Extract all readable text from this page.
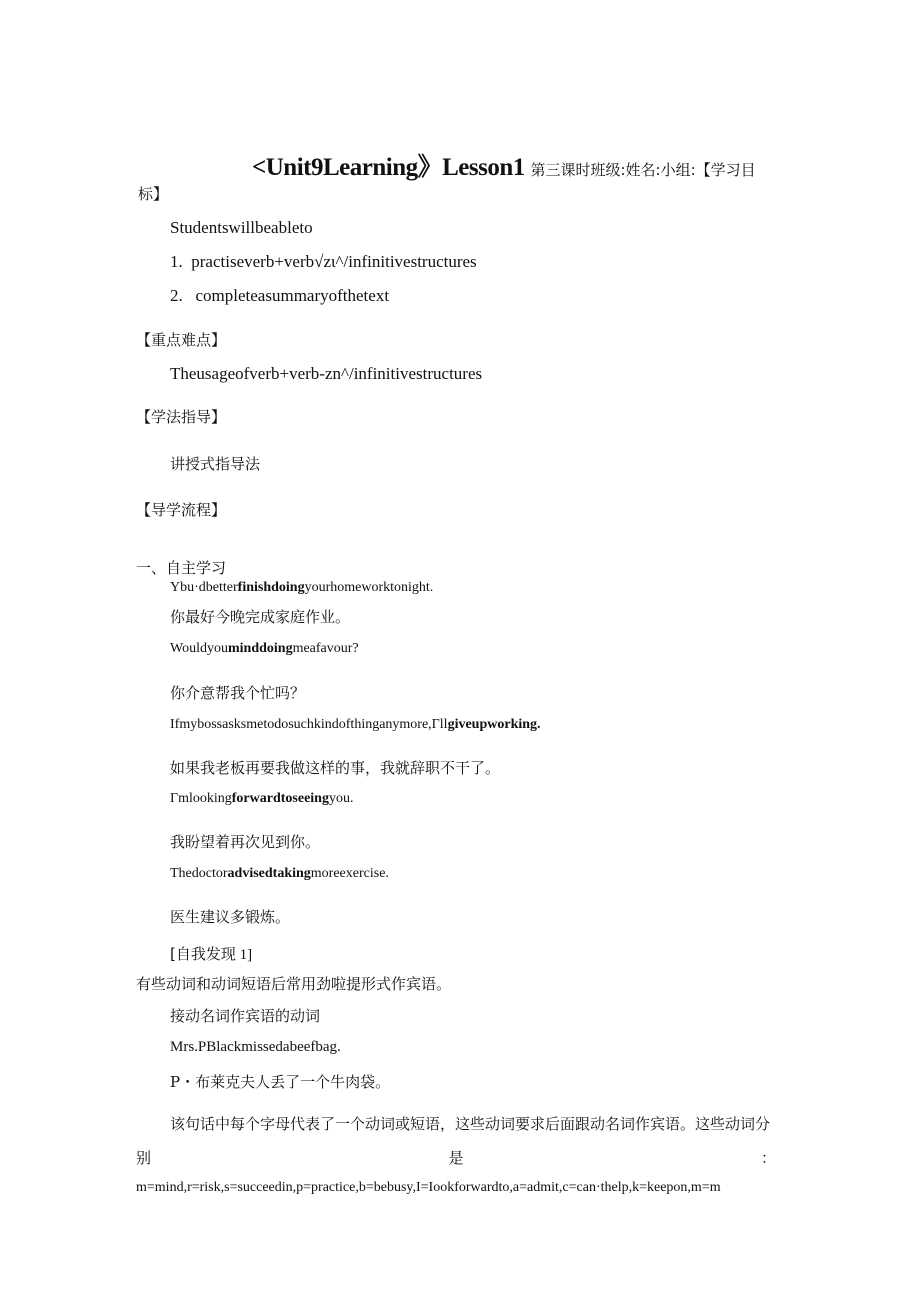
<Unit9Learning》Lesson1 第三课时班级:姓名:小组:【学习目
标】
Studentswillbeableto
1. practiseverb+verb√zι^/infinitivestructures
2. completeasummaryofthetext
【重点难点】
Theusageofverb+verb-zn^/infinitivestructures
【学法指导】
讲授式指导法
【导学流程】
一、自主学习
Ybu·dbetterfinishdoingyourhomeworktonight.
你最好今晚完成家庭作业。
Wouldyouminddoingmeafavour?
你介意帮我个忙吗？
Ifmybossasksmetodosuchkindofthinganymore,Γllgiveupworking.
如果我老板再要我做这样的事，我就辞职不干了。
Γmlookingforwardtoseeingyou.
我盼望着再次见到你。
Thedoctoradvisedtakingmoreexercise.
医生建议多锻炼。
[自我发现 1]
有些动词和动词短语后常用劲啦提形式作宾语。
接动名词作宾语的动词
Mrs.PBlackmissedabeefbag.
P・布莱克夫人丢了一个牛肉袋。
该句话中每个字母代表了一个动词或短语，这些动词要求后面跟动名词作宾语。这些动词分
别	是	：
m=mind,r=risk,s=succeedin,p=practice,b=bebusy,I=Iookforwardto,a=admit,c=can·thelp,k=keepon,m=m
